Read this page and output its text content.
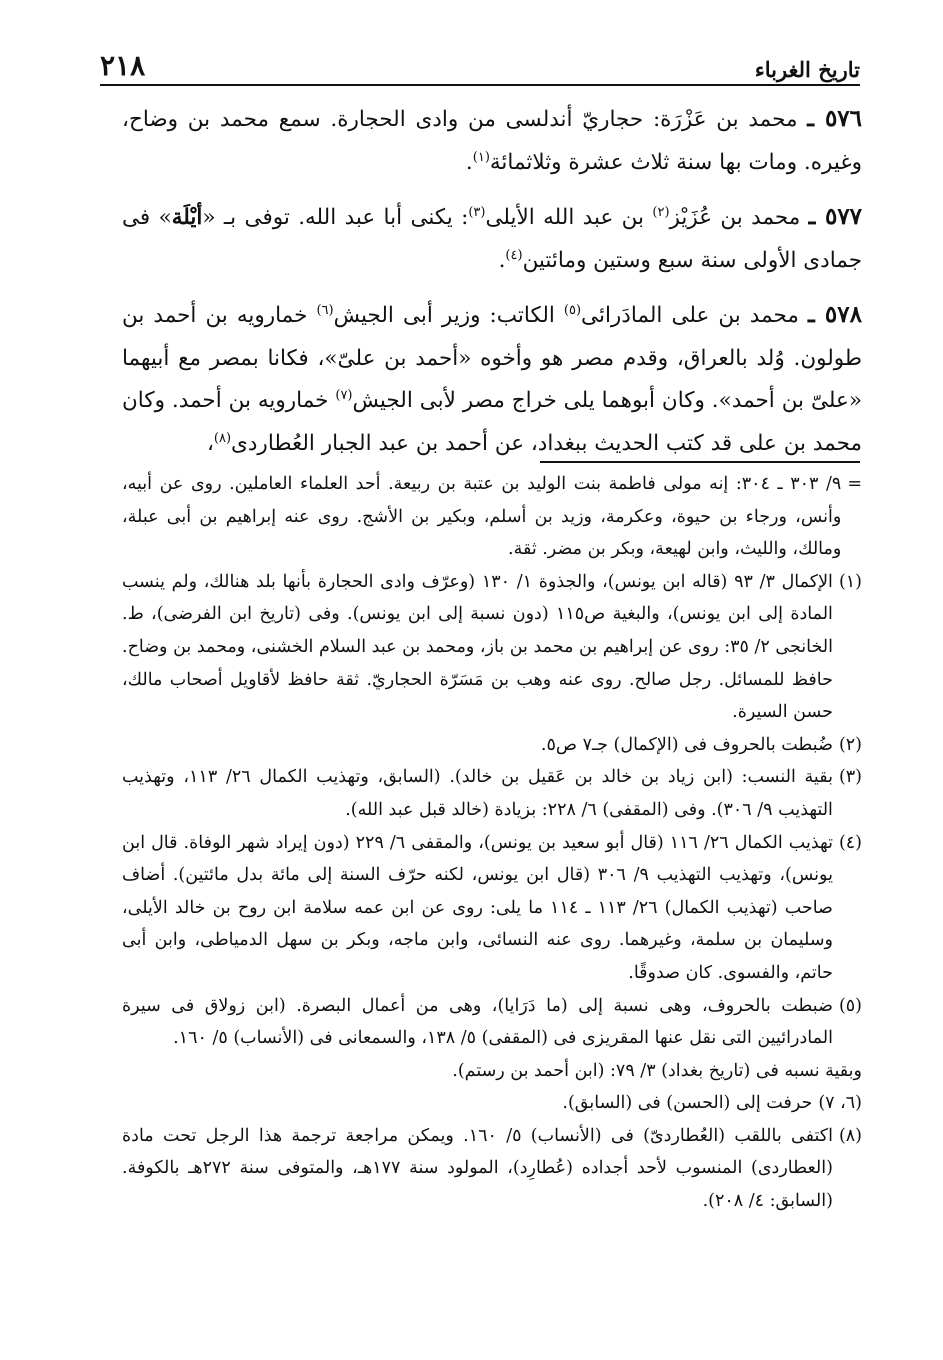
٢١٨	تاريخ الغرباء

٥٧٦ ـ محمد بن عَزْرَة: حجاريّ أندلسى من وادى الحجارة. سمع محمد بن وضاح، وغيره. ومات بها سنة ثلاث عشرة وثلاثمائة$^{(١)}$.

٥٧٧ ـ محمد بن عُزَيْز$^{(٢)}$ بن عبد الله الأيلى$^{(٣)}$: يكنى أبا عبد الله. توفى بـ «أيْلَة» فى جمادى الأولى سنة سبع وستين ومائتين$^{(٤)}$.

٥٧٨ ـ محمد بن على المادَرائى$^{(٥)}$ الكاتب: وزير أبى الجيش$^{(٦)}$ خمارويه بن أحمد بن طولون. وُلد بالعراق، وقدم مصر هو وأخوه «أحمد بن علىّ»، فكانا بمصر مع أبيهما «علىّ بن أحمد». وكان أبوهما يلى خراج مصر لأبى الجيش$^{(٧)}$ خمارويه بن أحمد. وكان محمد بن على قد كتب الحديث ببغداد، عن أحمد بن عبد الجبار العُطاردى$^{(٨)}$،

=
٩/ ٣٠٣ ـ ٣٠٤: إنه مولى فاطمة بنت الوليد بن عتبة بن ربيعة. أحد العلماء العاملين. روى عن أبيه، وأنس، ورجاء بن حيوة، وعكرمة، وزيد بن أسلم، وبكير بن الأشج. روى عنه إبراهيم بن أبى عبلة، ومالك، والليث، وابن لهيعة، وبكر بن مضر. ثقة.
(١)
الإكمال ٣/ ٩٣ (قاله ابن يونس)، والجذوة ١/ ١٣٠ (وعرّف وادى الحجارة بأنها بلد هنالك، ولم ينسب المادة إلى ابن يونس)، والبغية ص١١٥ (دون نسبة إلى ابن يونس). وفى (تاريخ ابن الفرضى)، ط. الخانجى ٢/ ٣٥: روى عن إبراهيم بن محمد بن باز، ومحمد بن عبد السلام الخشنى، ومحمد بن وضاح. حافظ للمسائل. رجل صالح. روى عنه وهب بن مَسَرّة الحجاريّ. ثقة حافظ لأقاويل أصحاب مالك، حسن السيرة.
(٢)
ضُبطت بالحروف فى (الإكمال) جـ٧ ص٥.
(٣)
بقية النسب: (ابن زياد بن خالد بن عَقيل بن خالد). (السابق، وتهذيب الكمال ٢٦/ ١١٣، وتهذيب التهذيب ٩/ ٣٠٦). وفى (المقفى) ٦/ ٢٢٨: بزيادة (خالد قبل عبد الله).
(٤)
تهذيب الكمال ٢٦/ ١١٦ (قال أبو سعيد بن يونس)، والمقفى ٦/ ٢٢٩ (دون إيراد شهر الوفاة. قال ابن يونس)، وتهذيب التهذيب ٩/ ٣٠٦ (قال ابن يونس، لكنه حرّف السنة إلى مائة بدل مائتين). أضاف صاحب (تهذيب الكمال) ٢٦/ ١١٣ ـ ١١٤ ما يلى: روى عن ابن عمه سلامة ابن روح بن خالد الأيلى، وسليمان بن سلمة، وغيرهما. روى عنه النسائى، وابن ماجه، وبكر بن سهل الدمياطى، وابن أبى حاتم، والفسوى. كان صدوقًا.
(٥)
ضبطت بالحروف، وهى نسبة إلى (ما دَرَايا)، وهى من أعمال البصرة. (ابن زولاق فى سيرة المادرائيين التى نقل عنها المقريزى فى (المقفى) ٥/ ١٣٨، والسمعانى فى (الأنساب) ٥/ ١٦٠.
وبقية نسبه فى (تاريخ بغداد) ٣/ ٧٩: (ابن أحمد بن رستم).
(٦، ٧)
حرفت إلى (الحسن) فى (السابق).
(٨)
اكتفى باللقب (العُطاردىّ) فى (الأنساب) ٥/ ١٦٠. ويمكن مراجعة ترجمة هذا الرجل تحت مادة (العطاردى) المنسوب لأحد أجداده (عُطارِد)، المولود سنة ١٧٧هـ، والمتوفى سنة ٢٧٢هـ بالكوفة. (السابق: ٤/ ٢٠٨).
